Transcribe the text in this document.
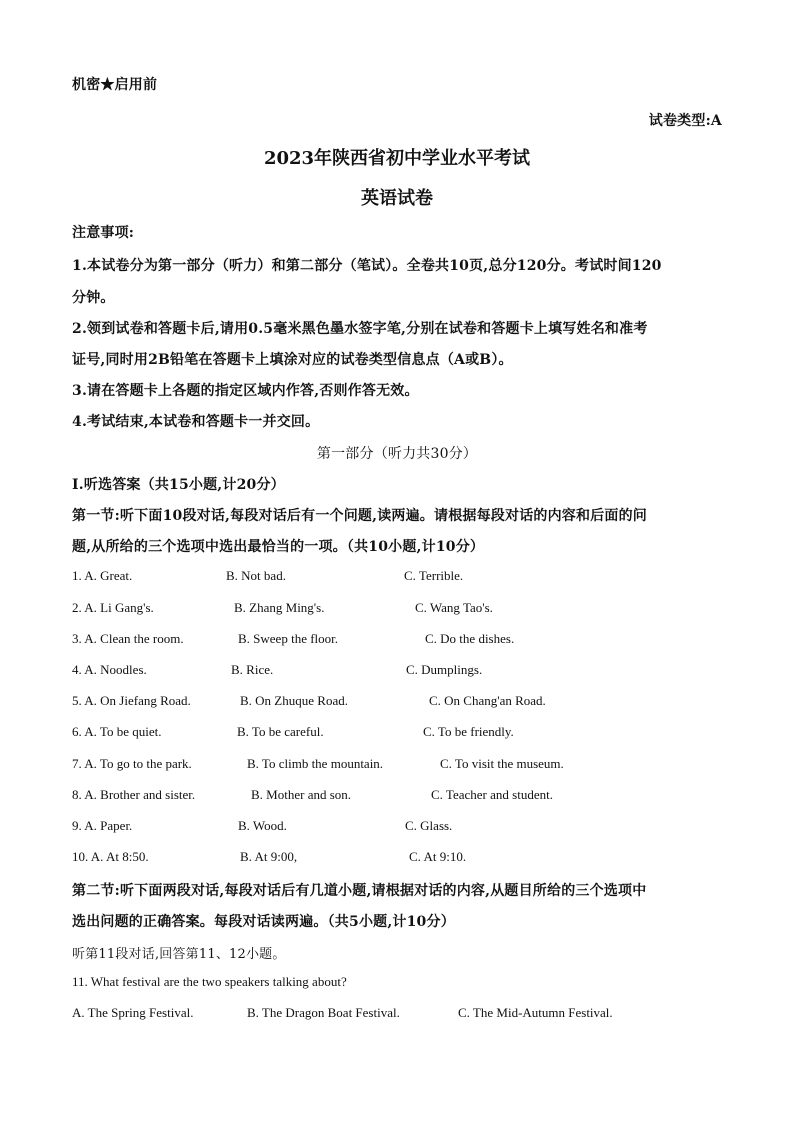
机密★启用前
试卷类型:A
2023年陕西省初中学业水平考试
英语试卷
注意事项:
1.本试卷分为第一部分（听力）和第二部分（笔试）。全卷共10页,总分120分。考试时间120
分钟。
2.领到试卷和答题卡后,请用0.5毫米黑色墨水签字笔,分别在试卷和答题卡上填写姓名和准考
证号,同时用2B铅笔在答题卡上填涂对应的试卷类型信息点（A或B）。
3.请在答题卡上各题的指定区域内作答,否则作答无效。
4.考试结束,本试卷和答题卡一并交回。
第一部分（听力共30分）
I.听选答案（共15小题,计20分）
第一节:听下面10段对话,每段对话后有一个问题,读两遍。请根据每段对话的内容和后面的问
题,从所给的三个选项中选出最恰当的一项。（共10小题,计10分）
1. A. Great.	B. Not bad.	C. Terrible.
2. A. Li Gang's.	B. Zhang Ming's.	C. Wang Tao's.
3. A. Clean the room.	B. Sweep the floor.	C. Do the dishes.
4. A. Noodles.	B. Rice.	C. Dumplings.
5. A. On Jiefang Road.	B. On Zhuque Road.	C. On Chang'an Road.
6. A. To be quiet.	B. To be careful.	C. To be friendly.
7. A. To go to the park.	B. To climb the mountain.	C. To visit the museum.
8. A. Brother and sister.	B. Mother and son.	C. Teacher and student.
9. A. Paper.	B. Wood.	C. Glass.
10. A. At 8:50.	B. At 9:00,	C. At 9:10.
第二节:听下面两段对话,每段对话后有几道小题,请根据对话的内容,从题目所给的三个选项中
选出问题的正确答案。每段对话读两遍。（共5小题,计10分）
听第11段对话,回答第11、12小题。
11. What festival are the two speakers talking about?
A. The Spring Festival.	B. The Dragon Boat Festival.	C. The Mid-Autumn Festival.
